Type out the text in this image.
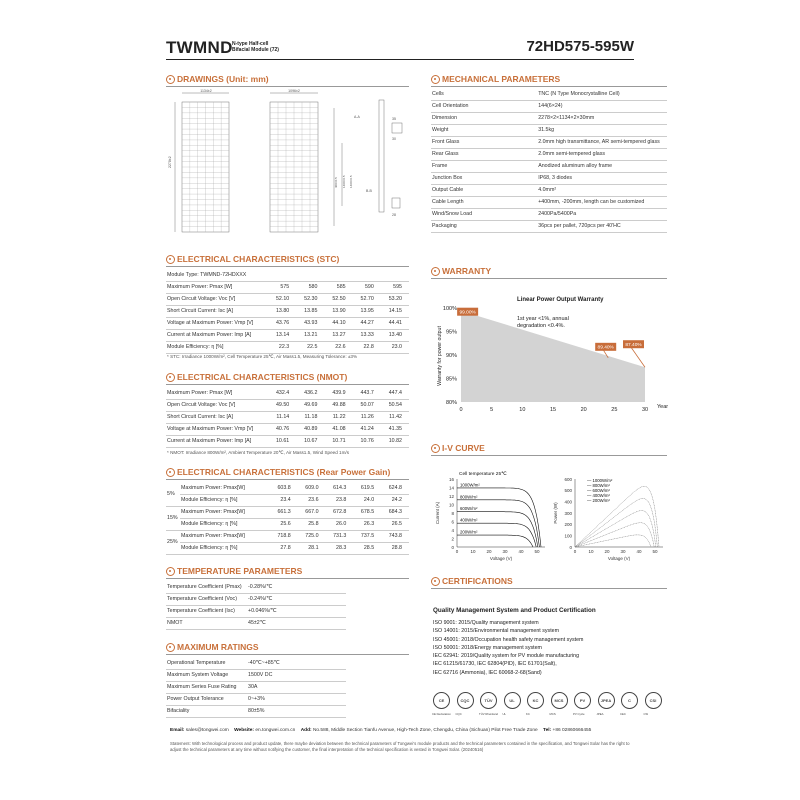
TWMND N-type Half-cell
Bifacial Module (72)	72HD575-595W
DRAWINGS (Unit: mm)
1134±2
2278±2
1096±2
400±0.5 1400±0.5 1400±0.5
A-A
B-B
35
30
28
MECHANICAL PARAMETERS
Cells	TNC (N Type Monocrystalline Cell)
Cell Orientation	144(6×24)
Dimension	2278×2×1134×2×30mm
Weight	31.5kg
Front Glass	2.0mm high transmittance, AR semi-tempered glass
Rear Glass	2.0mm semi-tempered glass
Frame	Anodized aluminum alloy frame
Junction Box	IP68, 3 diodes
Output Cable	4.0mm²
Cable Length	+400mm, -200mm, length can be customized
Wind/Snow Load	2400Pa/5400Pa
Packaging	36pcs per pallet, 720pcs per 40'HC
ELECTRICAL CHARACTERISTICS (STC)
Module Type: TWMND-72HDXXX					
Maximum Power: Pmax [W]	575	580	585	590	595
Open Circuit Voltage: Voc [V]	52.10	52.30	52.50	52.70	53.20
Short Circuit Current: Isc [A]	13.80	13.85	13.90	13.95	14.15
Voltage at Maximum Power: Vmp [V]	43.76	43.93	44.10	44.27	44.41
Current at Maximum Power: Imp [A]	13.14	13.21	13.27	13.33	13.40
Module Efficiency: η [%]	22.3	22.5	22.6	22.8	23.0
* STC: Irradiance 1000W/m², Cell Temperature 25℃, Air Mass1.5, Measuring Tolerance: ±3%
ELECTRICAL CHARACTERISTICS (NMOT)
Maximum Power: Pmax [W]	432.4	436.2	439.9	443.7	447.4
Open Circuit Voltage: Voc [V]	49.50	49.69	49.88	50.07	50.54
Short Circuit Current: Isc [A]	11.14	11.18	11.22	11.26	11.42
Voltage at Maximum Power: Vmp [V]	40.76	40.89	41.08	41.24	41.35
Current at Maximum Power: Imp [A]	10.61	10.67	10.71	10.76	10.82
* NMOT: Irradiance 800W/m², Ambient Temperature 20℃, Air Mass1.5, Wind Speed 1m/s
ELECTRICAL CHARACTERISTICS (Rear Power Gain)
5%	Maximum Power: Pmax[W]	603.8	609.0	614.3	619.5	624.8
	Module Efficiency: η [%]	23.4	23.6	23.8	24.0	24.2
15%	Maximum Power: Pmax[W]	661.3	667.0	672.8	678.5	684.3
	Module Efficiency: η [%]	25.6	25.8	26.0	26.3	26.5
25%	Maximum Power: Pmax[W]	718.8	725.0	731.3	737.5	743.8
	Module Efficiency: η [%]	27.8	28.1	28.3	28.5	28.8
TEMPERATURE PARAMETERS
Temperature Coefficient (Pmax)	-0.28%/℃
Temperature Coefficient (Voc)	-0.24%/℃
Temperature Coefficient (Isc)	+0.046%/℃
NMOT	45±2℃
MAXIMUM RATINGS
Operational Temperature	-40℃~+85℃
Maximum System Voltage	1500V DC
Maximum Series Fuse Rating	30A
Power Output Tolerance	0~+3%
Bifaciality	80±5%
WARRANTY
Linear Power Output Warranty
1st year <1%, annual
degradation <0.4%.
Warranty for power output
Year
100%
95%
90%
85%
80%
0	5	10	15	20	25	30
99.00%
89.40%
87.40%
I-V CURVE
16
14
12
10
8
6
4
2
0
0	10 20 30 40 50
Current (A)
Voltage (V)
Cell temperature 25℃
1000W/m²
800W/m²
600W/m²
400W/m²
200W/m²
600
500
400
300
200
100
0
0	10 20 30 40 50
Power (W)
Voltage (V)
— 1000W/m²
— 800W/m²
— 600W/m²
— 400W/m²
— 200W/m²
CERTIFICATIONS
Quality Management System and Product Certification
ISO 9001: 2015/Quality management system
ISO 14001: 2015/Environmental management system
ISO 45001: 2018/Occupation health safety management system
ISO 50001: 2018/Energy management system
IEC 62941: 2019/Quality system for PV module manufacturing
IEC 61215/61730, IEC 62804(PID), IEC 61701(Salt),
IEC 62716 (Ammonia), IEC 60068-2-68(Sand)
CE
CE Declaration
CQC
CQC
TÜV
TÜV Rheinland
UL
UL
KC
KC
MCS
MCS
PV
PV Cycle
JPEA
JPEA
C
CEC
CSI
CSI
Email: sales@tongwei.com Website: en.tongwei.com.cn Add: No.588, Middle Section Tianfu Avenue, High-Tech Zone, Chengdu, China (Sichuan) Pilot Free Trade Zone Tel: +86 02860666455
Statement: With technological process and product update, there maybe deviation between the technical parameters of Tongwei's module products and the technical parameters contained in the specification, and Tongwei Solar has the right to adjust the technical parameters at any time without notifying the customer, the final interpretation of the technical specification is vested in Tongwei Solar. (20240516)
